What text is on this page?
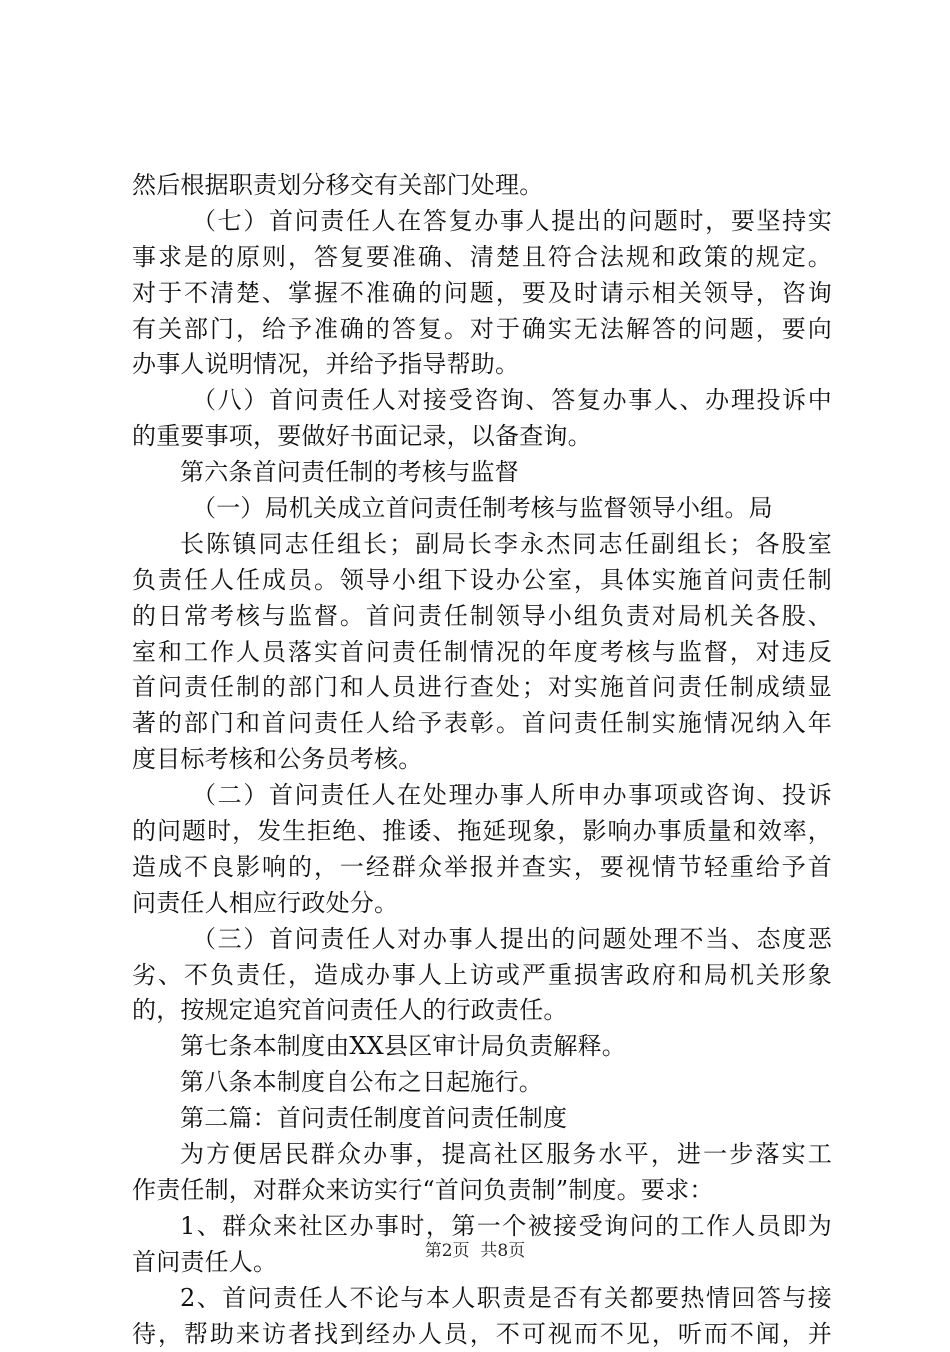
然后根据职责划分移交有关部门处理。
（七）首问责任人在答复办事人提出的问题时，要坚持实
事求是的原则，答复要准确、清楚且符合法规和政策的规定。
对于不清楚、掌握不准确的问题，要及时请示相关领导，咨询
有关部门，给予准确的答复。对于确实无法解答的问题，要向
办事人说明情况，并给予指导帮助。
（八）首问责任人对接受咨询、答复办事人、办理投诉中
的重要事项，要做好书面记录，以备查询。
第六条首问责任制的考核与监督
（一）局机关成立首问责任制考核与监督领导小组。局
长陈镇同志任组长；副局长李永杰同志任副组长；各股室
负责任人任成员。领导小组下设办公室，具体实施首问责任制
的日常考核与监督。首问责任制领导小组负责对局机关各股、
室和工作人员落实首问责任制情况的年度考核与监督，对违反
首问责任制的部门和人员进行查处；对实施首问责任制成绩显
著的部门和首问责任人给予表彰。首问责任制实施情况纳入年
度目标考核和公务员考核。
（二）首问责任人在处理办事人所申办事项或咨询、投诉
的问题时，发生拒绝、推诿、拖延现象，影响办事质量和效率，
造成不良影响的，一经群众举报并查实，要视情节轻重给予首
问责任人相应行政处分。
（三）首问责任人对办事人提出的问题处理不当、态度恶
劣、不负责任，造成办事人上访或严重损害政府和局机关形象
的，按规定追究首问责任人的行政责任。
第七条本制度由XX县区审计局负责解释。
第八条本制度自公布之日起施行。
第二篇：首问责任制度首问责任制度
为方便居民群众办事，提高社区服务水平，进一步落实工
作责任制，对群众来访实行“首问负责制”制度。要求：
1、群众来社区办事时，第一个被接受询问的工作人员即为
首问责任人。
2、首问责任人不论与本人职责是否有关都要热情回答与接
待，帮助来访者找到经办人员，不可视而不见，听而不闻，并
第2页  共8页
